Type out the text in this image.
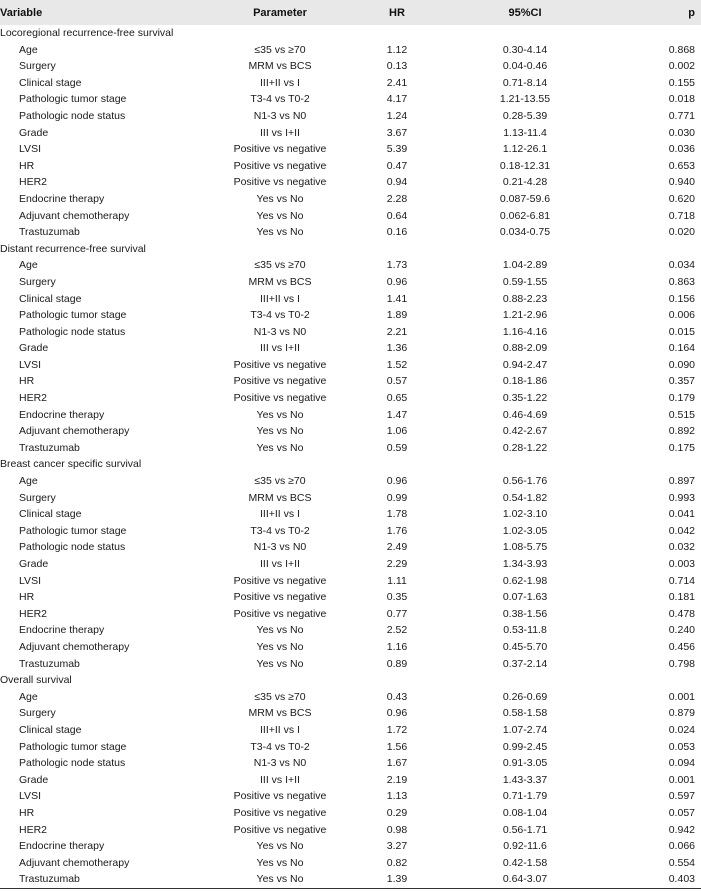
Variable	Parameter	HR	95%CI	p
Locoregional recurrence-free survival				
Age	≤35 vs ≥70	1.12	0.30-4.14	0.868
Surgery	MRM vs BCS	0.13	0.04-0.46	0.002
Clinical stage	III+II vs I	2.41	0.71-8.14	0.155
Pathologic tumor stage	T3-4 vs T0-2	4.17	1.21-13.55	0.018
Pathologic node status	N1-3 vs N0	1.24	0.28-5.39	0.771
Grade	III vs I+II	3.67	1.13-11.4	0.030
LVSI	Positive vs negative	5.39	1.12-26.1	0.036
HR	Positive vs negative	0.47	0.18-12.31	0.653
HER2	Positive vs negative	0.94	0.21-4.28	0.940
Endocrine therapy	Yes vs No	2.28	0.087-59.6	0.620
Adjuvant chemotherapy	Yes vs No	0.64	0.062-6.81	0.718
Trastuzumab	Yes vs No	0.16	0.034-0.75	0.020
Distant recurrence-free survival				
Age	≤35 vs ≥70	1.73	1.04-2.89	0.034
Surgery	MRM vs BCS	0.96	0.59-1.55	0.863
Clinical stage	III+II vs I	1.41	0.88-2.23	0.156
Pathologic tumor stage	T3-4 vs T0-2	1.89	1.21-2.96	0.006
Pathologic node status	N1-3 vs N0	2.21	1.16-4.16	0.015
Grade	III vs I+II	1.36	0.88-2.09	0.164
LVSI	Positive vs negative	1.52	0.94-2.47	0.090
HR	Positive vs negative	0.57	0.18-1.86	0.357
HER2	Positive vs negative	0.65	0.35-1.22	0.179
Endocrine therapy	Yes vs No	1.47	0.46-4.69	0.515
Adjuvant chemotherapy	Yes vs No	1.06	0.42-2.67	0.892
Trastuzumab	Yes vs No	0.59	0.28-1.22	0.175
Breast cancer specific survival				
Age	≤35 vs ≥70	0.96	0.56-1.76	0.897
Surgery	MRM vs BCS	0.99	0.54-1.82	0.993
Clinical stage	III+II vs I	1.78	1.02-3.10	0.041
Pathologic tumor stage	T3-4 vs T0-2	1.76	1.02-3.05	0.042
Pathologic node status	N1-3 vs N0	2.49	1.08-5.75	0.032
Grade	III vs I+II	2.29	1.34-3.93	0.003
LVSI	Positive vs negative	1.11	0.62-1.98	0.714
HR	Positive vs negative	0.35	0.07-1.63	0.181
HER2	Positive vs negative	0.77	0.38-1.56	0.478
Endocrine therapy	Yes vs No	2.52	0.53-11.8	0.240
Adjuvant chemotherapy	Yes vs No	1.16	0.45-5.70	0.456
Trastuzumab	Yes vs No	0.89	0.37-2.14	0.798
Overall survival				
Age	≤35 vs ≥70	0.43	0.26-0.69	0.001
Surgery	MRM vs BCS	0.96	0.58-1.58	0.879
Clinical stage	III+II vs I	1.72	1.07-2.74	0.024
Pathologic tumor stage	T3-4 vs T0-2	1.56	0.99-2.45	0.053
Pathologic node status	N1-3 vs N0	1.67	0.91-3.05	0.094
Grade	III vs I+II	2.19	1.43-3.37	0.001
LVSI	Positive vs negative	1.13	0.71-1.79	0.597
HR	Positive vs negative	0.29	0.08-1.04	0.057
HER2	Positive vs negative	0.98	0.56-1.71	0.942
Endocrine therapy	Yes vs No	3.27	0.92-11.6	0.066
Adjuvant chemotherapy	Yes vs No	0.82	0.42-1.58	0.554
Trastuzumab	Yes vs No	1.39	0.64-3.07	0.403
